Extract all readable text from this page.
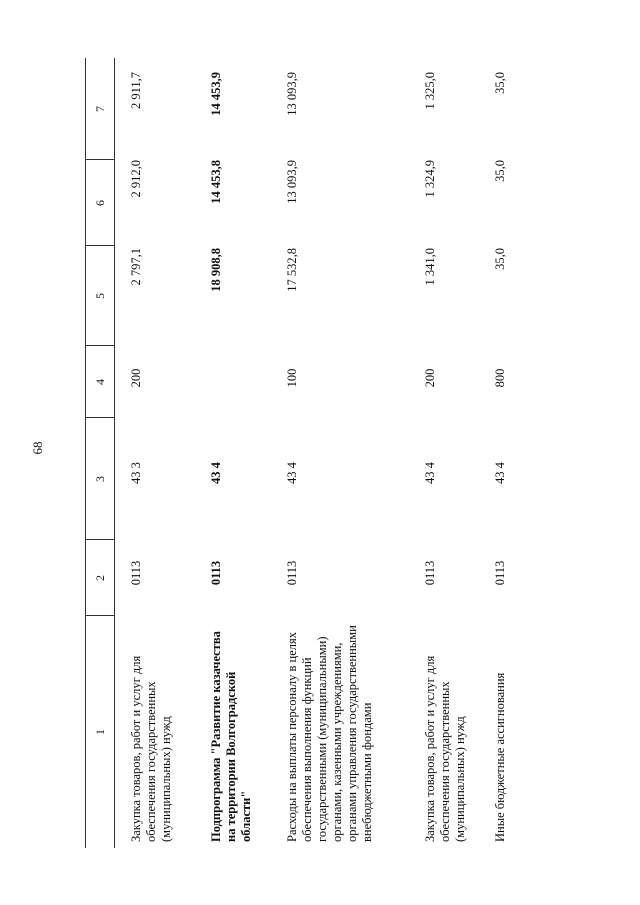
68
1
2
3
4
5
6
7
Закупка товаров, работ и услуг для обеспечения государственных (муниципальных) нужд
0113
43 3
200
2 797,1
2 912,0
2 911,7
Подпрограмма "Развитие казачества на территории Волгоградской области"
0113
43 4
18 908,8
14 453,8
14 453,9
Расходы на выплаты персоналу в целях обеспечения выполнения функций государственными (муниципальными) органами, казенными учреждениями, органами управления государственными внебюджетными фондами
0113
43 4
100
17 532,8
13 093,9
13 093,9
Закупка товаров, работ и услуг для обеспечения государственных (муниципальных) нужд
0113
43 4
200
1 341,0
1 324,9
1 325,0
Иные бюджетные ассигнования
0113
43 4
800
35,0
35,0
35,0
